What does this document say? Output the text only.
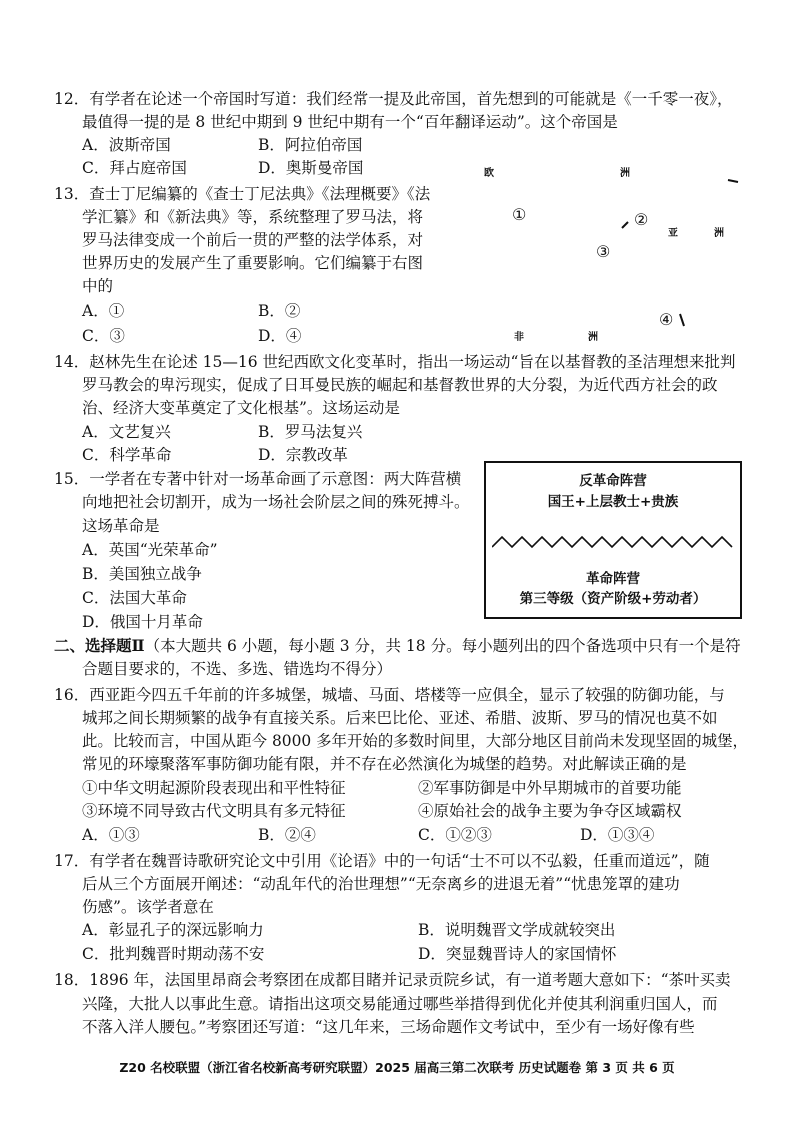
12．有学者在论述一个帝国时写道：我们经常一提及此帝国，首先想到的可能就是《一千零一夜》，
最值得一提的是 8 世纪中期到 9 世纪中期有一个“百年翻译运动”。这个帝国是
A．波斯帝国	B．阿拉伯帝国
C．拜占庭帝国	D．奥斯曼帝国
13．查士丁尼编纂的《查士丁尼法典》《法理概要》《法
学汇纂》和《新法典》等，系统整理了罗马法，将
罗马法律变成一个前后一贯的严整的法学体系，对
世界历史的发展产生了重要影响。它们编纂于右图
中的
A．①	B．②
C．③	D．④
欧	洲
亚	洲
非	洲
①	②
③
④
14．赵林先生在论述 15—16 世纪西欧文化变革时，指出一场运动“旨在以基督教的圣洁理想来批判
罗马教会的卑污现实，促成了日耳曼民族的崛起和基督教世界的大分裂，为近代西方社会的政
治、经济大变革奠定了文化根基”。这场运动是
A．文艺复兴	B．罗马法复兴
C．科学革命	D．宗教改革
15．一学者在专著中针对一场革命画了示意图：两大阵营横
向地把社会切割开，成为一场社会阶层之间的殊死搏斗。
这场革命是
A．英国“光荣革命”
B．美国独立战争
C．法国大革命
D．俄国十月革命
反革命阵营
国王+上层教士+贵族
革命阵营
第三等级（资产阶级+劳动者）
二、选择题Ⅱ（本大题共 6 小题，每小题 3 分，共 18 分。每小题列出的四个备选项中只有一个是符
合题目要求的，不选、多选、错选均不得分）
16．西亚距今四五千年前的许多城堡，城墙、马面、塔楼等一应俱全，显示了较强的防御功能，与
城邦之间长期频繁的战争有直接关系。后来巴比伦、亚述、希腊、波斯、罗马的情况也莫不如
此。比较而言，中国从距今 8000 多年开始的多数时间里，大部分地区目前尚未发现坚固的城堡，
常见的环壕聚落军事防御功能有限，并不存在必然演化为城堡的趋势。对此解读正确的是
①中华文明起源阶段表现出和平性特征	②军事防御是中外早期城市的首要功能
③环境不同导致古代文明具有多元特征	④原始社会的战争主要为争夺区域霸权
A．①③	B．②④	C．①②③	D．①③④
17．有学者在魏晋诗歌研究论文中引用《论语》中的一句话“士不可以不弘毅，任重而道远”，随
后从三个方面展开阐述：“动乱年代的治世理想”“无奈离乡的进退无着”“忧患笼罩的建功
伤感”。该学者意在
A．彰显孔子的深远影响力	B．说明魏晋文学成就较突出
C．批判魏晋时期动荡不安	D．突显魏晋诗人的家国情怀
18．1896 年，法国里昂商会考察团在成都目睹并记录贡院乡试，有一道考题大意如下：“茶叶买卖
兴隆，大批人以事此生意。请指出这项交易能通过哪些举措得到优化并使其利润重归国人，而
不落入洋人腰包。”考察团还写道：“这几年来，三场命题作文考试中，至少有一场好像有些
Z20 名校联盟（浙江省名校新高考研究联盟）2025 届高三第二次联考 历史试题卷 第 3 页 共 6 页
